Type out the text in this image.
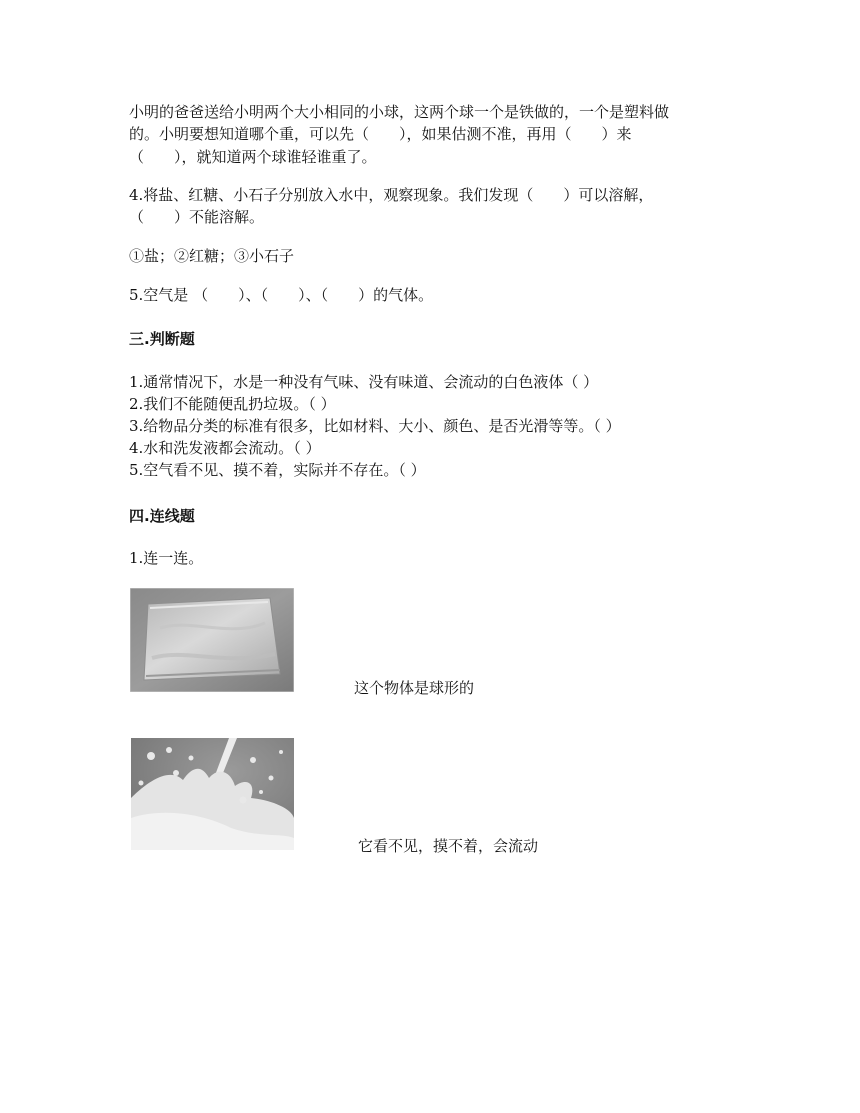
小明的爸爸送给小明两个大小相同的小球，这两个球一个是铁做的，一个是塑料做
的。小明要想知道哪个重，可以先（　　），如果估测不准，再用（　　）来
（　　），就知道两个球谁轻谁重了。
4.将盐、红糖、小石子分别放入水中，观察现象。我们发现（　　）可以溶解，
（　　）不能溶解。
①盐；②红糖；③小石子
5.空气是 （　　）、（　　）、（　　）的气体。
三.判断题
1.通常情况下，水是一种没有气味、没有味道、会流动的白色液体（ ）
2.我们不能随便乱扔垃圾。（ ）
3.给物品分类的标准有很多，比如材料、大小、颜色、是否光滑等等。（ ）
4.水和洗发液都会流动。（ ）
5.空气看不见、摸不着，实际并不存在。（ ）
四.连线题
1.连一连。
这个物体是球形的
它看不见，摸不着，会流动
